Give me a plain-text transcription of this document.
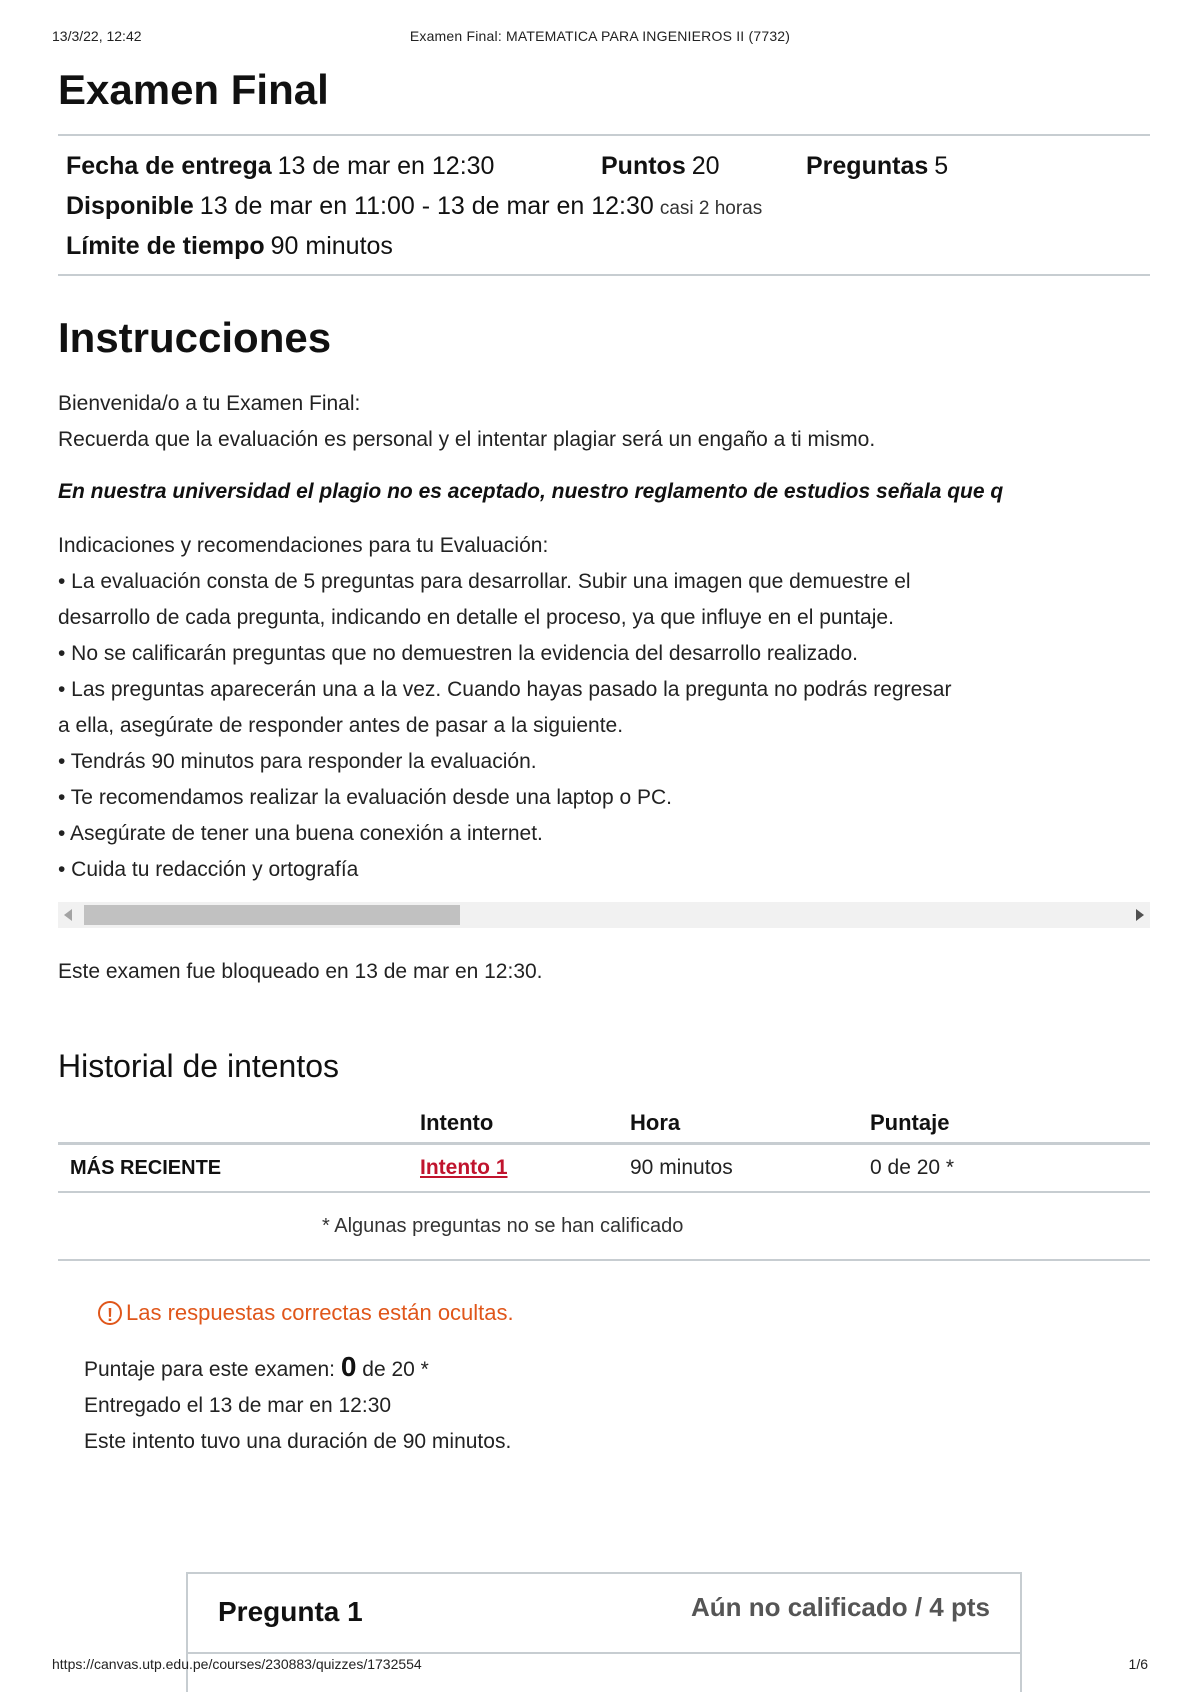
13/3/22, 12:42	Examen Final: MATEMATICA PARA INGENIEROS II (7732)
Examen Final
Fecha de entrega 13 de mar en 12:30	Puntos 20	Preguntas 5
Disponible 13 de mar en 11:00 - 13 de mar en 12:30 casi 2 horas
Límite de tiempo 90 minutos
Instrucciones

Bienvenida/o a tu Examen Final:

Recuerda que la evaluación es personal y el intentar plagiar será un engaño a ti mismo.

En nuestra universidad el plagio no es aceptado, nuestro reglamento de estudios señala que q

Indicaciones y recomendaciones para tu Evaluación:

• La evaluación consta de 5 preguntas para desarrollar. Subir una imagen que demuestre el

desarrollo de cada pregunta, indicando en detalle el proceso, ya que influye en el puntaje.

• No se calificarán preguntas que no demuestren la evidencia del desarrollo realizado.

• Las preguntas aparecerán una a la vez. Cuando hayas pasado la pregunta no podrás regresar

a ella, asegúrate de responder antes de pasar a la siguiente.

• Tendrás 90 minutos para responder la evaluación.

• Te recomendamos realizar la evaluación desde una laptop o PC.

• Asegúrate de tener una buena conexión a internet.

• Cuida tu redacción y ortografía

Este examen fue bloqueado en 13 de mar en 12:30.
Historial de intentos
	Intento	Hora	Puntaje
MÁS RECIENTE	Intento 1	90 minutos	0 de 20 *
* Algunas preguntas no se han calificado
! Las respuestas correctas están ocultas.

Puntaje para este examen: 0 de 20 *

Entregado el 13 de mar en 12:30

Este intento tuvo una duración de 90 minutos.

Pregunta 1	Aún no calificado / 4 pts
https://canvas.utp.edu.pe/courses/230883/quizzes/1732554	1/6
